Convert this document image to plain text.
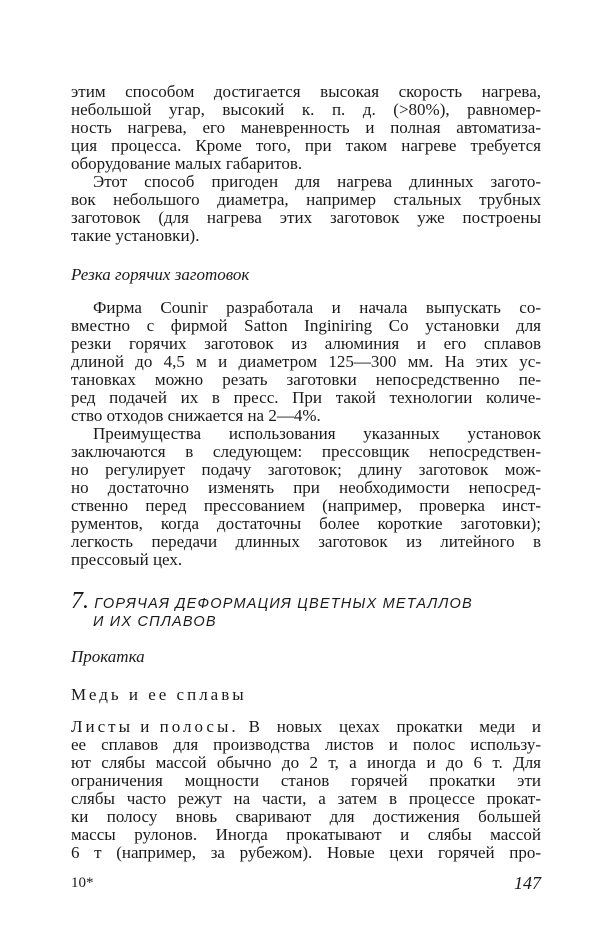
этим способом достигается высокая скорость нагрева,
небольшой угар, высокий к. п. д. (>80%), равномер-
ность нагрева, его маневренность и полная автоматиза-
ция процесса. Кроме того, при таком нагреве требуется
оборудование малых габаритов.
Этот способ пригоден для нагрева длинных загото-
вок небольшого диаметра, например стальных трубных
заготовок (для нагрева этих заготовок уже построены
такие установки).
Резка горячих заготовок
Фирма Counir разработала и начала выпускать со-
вместно с фирмой Satton Inginiring Co установки для
резки горячих заготовок из алюминия и его сплавов
длиной до 4,5 м и диаметром 125—300 мм. На этих ус-
тановках можно резать заготовки непосредственно пе-
ред подачей их в пресс. При такой технологии количе-
ство отходов снижается на 2—4%.
Преимущества использования указанных установок
заключаются в следующем: прессовщик непосредствен-
но регулирует подачу заготовок; длину заготовок мож-
но достаточно изменять при необходимости непосред-
ственно перед прессованием (например, проверка инст-
рументов, когда достаточны более короткие заготовки);
легкость передачи длинных заготовок из литейного в
прессовый цех.
7. ГОРЯЧАЯ ДЕФОРМАЦИЯ ЦВЕТНЫХ МЕТАЛЛОВ
И ИХ СПЛАВОВ
Прокатка
Медь и ее сплавы
Листы и полосы. В новых цехах прокатки меди и
ее сплавов для производства листов и полос использу-
ют слябы массой обычно до 2 т, а иногда и до 6 т. Для
ограничения мощности станов горячей прокатки эти
слябы часто режут на части, а затем в процессе прокат-
ки полосу вновь сваривают для достижения большей
массы рулонов. Иногда прокатывают и слябы массой
6 т (например, за рубежом). Новые цехи горячей про-
10*	147
